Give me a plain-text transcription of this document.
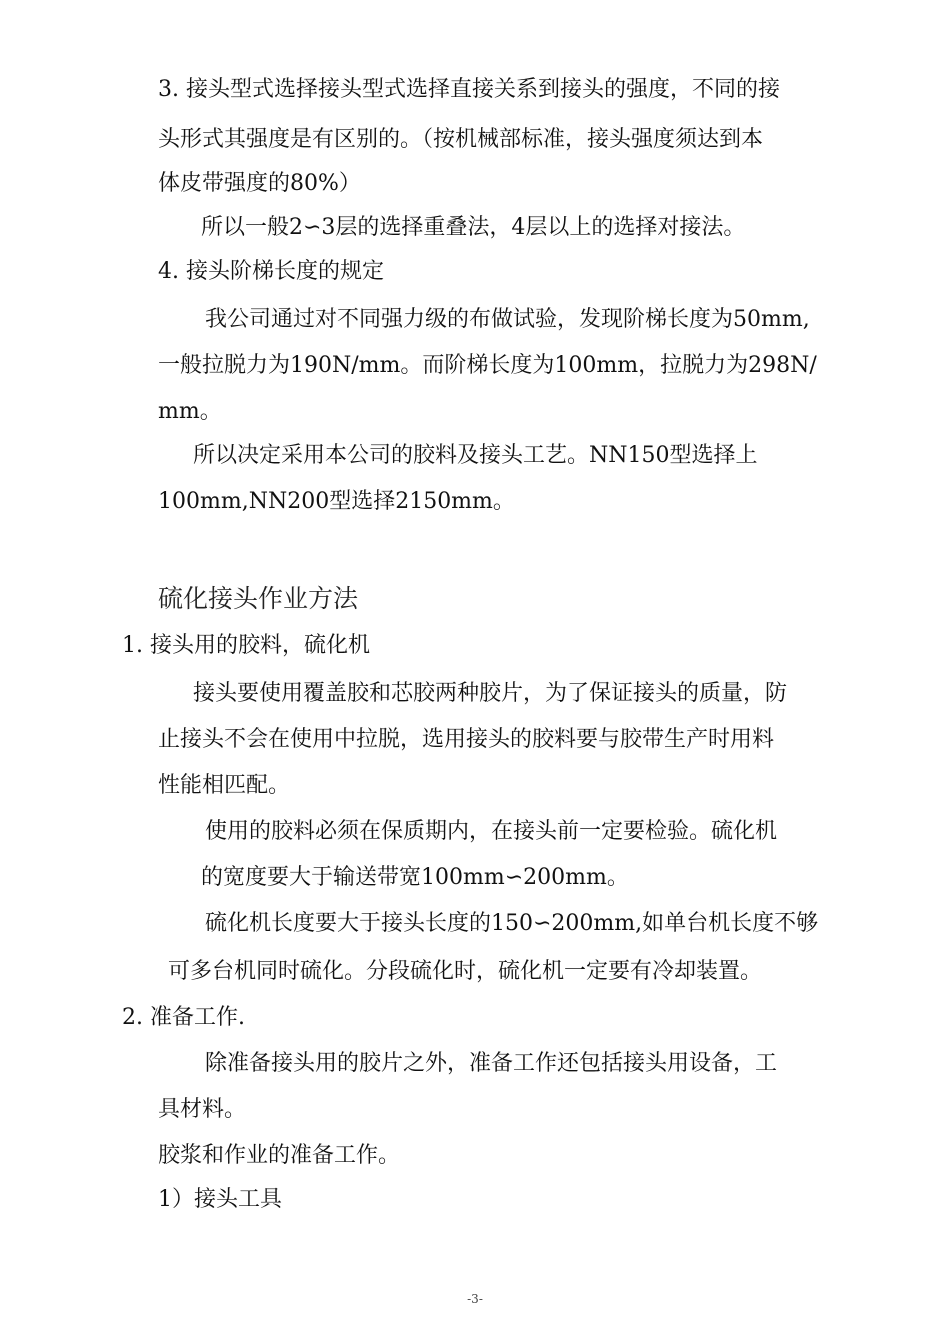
3. 接头型式选择接头型式选择直接关系到接头的强度，不同的接

头形式其强度是有区别的。（按机械部标准，接头强度须达到本

体皮带强度的80%）

所以一般2∽3层的选择重叠法，4层以上的选择对接法。

4. 接头阶梯长度的规定

我公司通过对不同强力级的布做试验，发现阶梯长度为50mm,

一般拉脱力为190N/mm。而阶梯长度为100mm，拉脱力为298N/

mm。

所以决定采用本公司的胶料及接头工艺。NN150型选择上

100mm,NN200型选择2150mm。

硫化接头作业方法

1. 接头用的胶料，硫化机

接头要使用覆盖胶和芯胶两种胶片，为了保证接头的质量，防

止接头不会在使用中拉脱，选用接头的胶料要与胶带生产时用料

性能相匹配。

使用的胶料必须在保质期内，在接头前一定要检验。硫化机

的宽度要大于输送带宽100mm∽200mm。

硫化机长度要大于接头长度的150∽200mm,如单台机长度不够

可多台机同时硫化。分段硫化时，硫化机一定要有冷却装置。

2. 准备工作.

除准备接头用的胶片之外，准备工作还包括接头用设备，工

具材料。

胶浆和作业的准备工作。

1）接头工具

-3-
